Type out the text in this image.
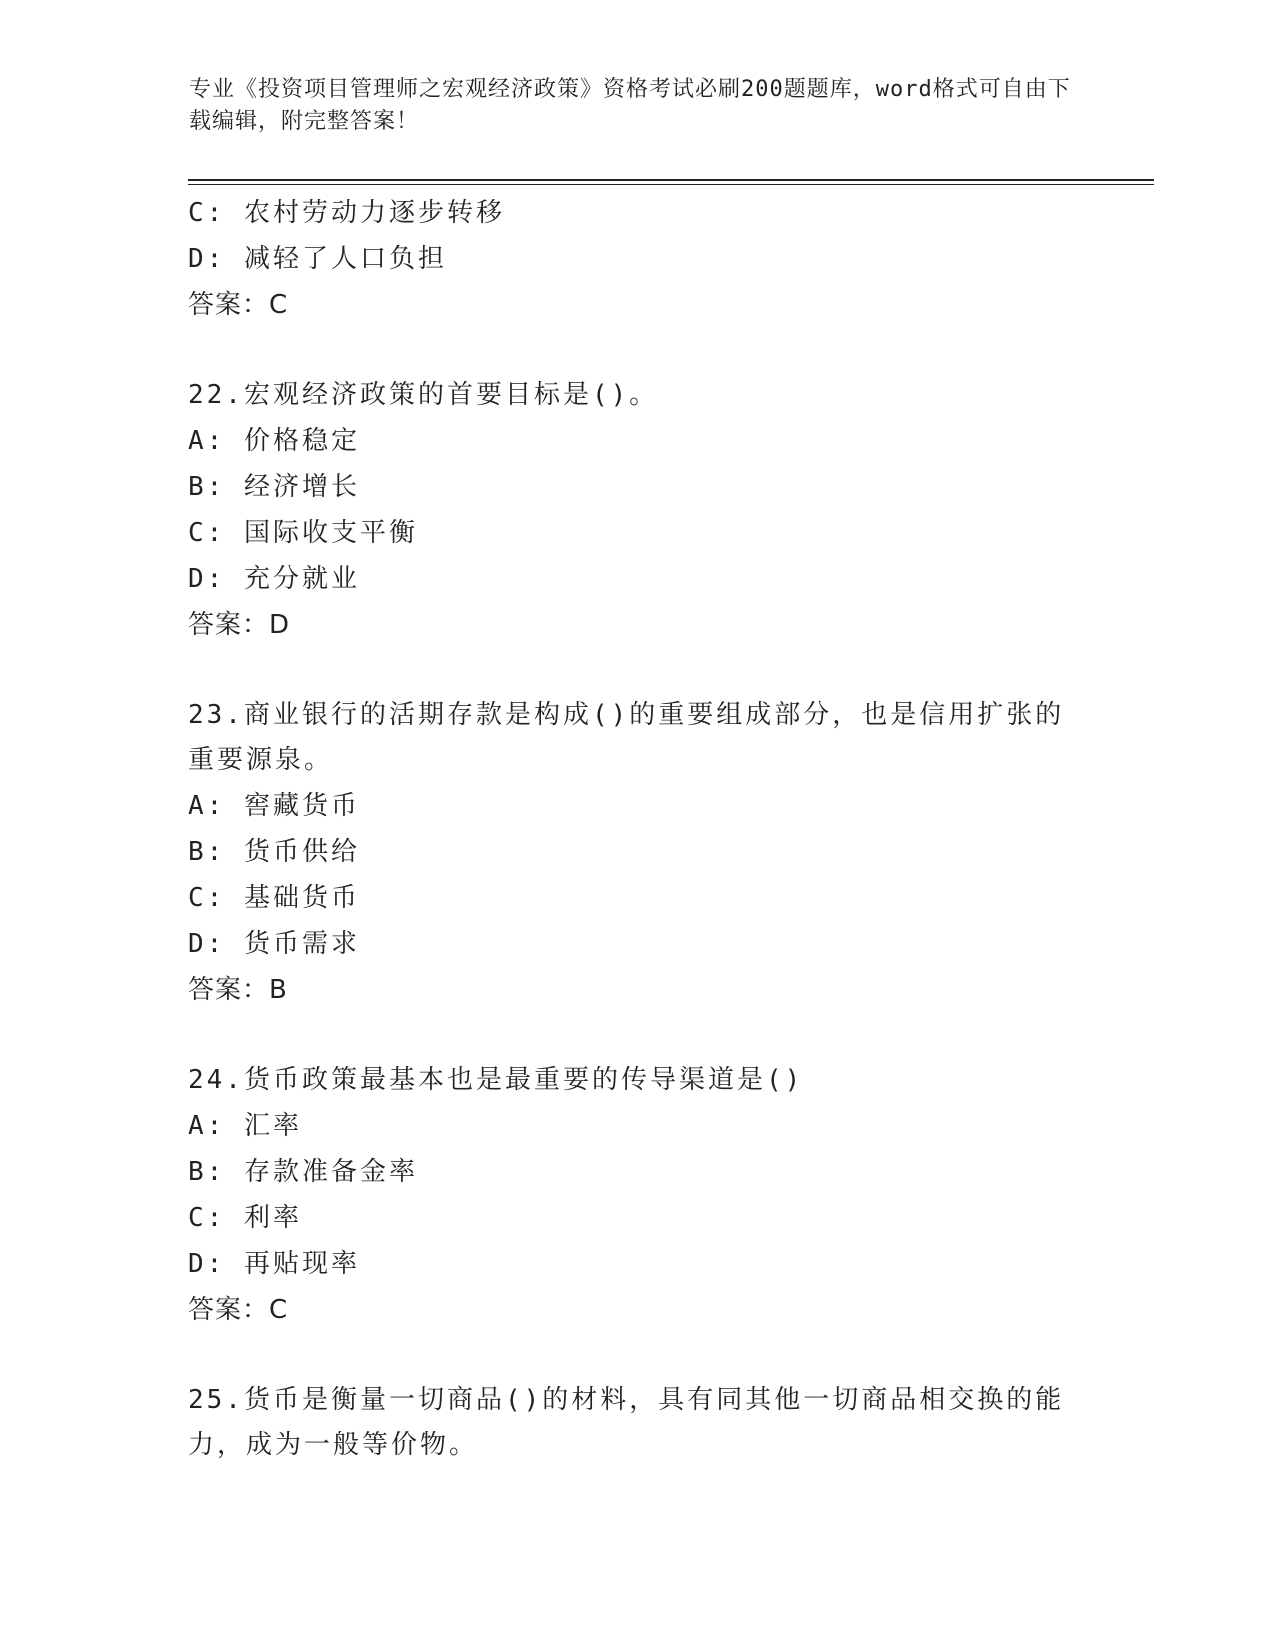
专业《投资项目管理师之宏观经济政策》资格考试必刷200题题库，word格式可自由下载编辑，附完整答案！
C: 农村劳动力逐步转移
D: 减轻了人口负担
答案：C
22.宏观经济政策的首要目标是()。
A: 价格稳定
B: 经济增长
C: 国际收支平衡
D: 充分就业
答案：D
23.商业银行的活期存款是构成()的重要组成部分，也是信用扩张的重要源泉。
A: 窖藏货币
B: 货币供给
C: 基础货币
D: 货币需求
答案：B
24.货币政策最基本也是最重要的传导渠道是()
A: 汇率
B: 存款准备金率
C: 利率
D: 再贴现率
答案：C
25.货币是衡量一切商品()的材料，具有同其他一切商品相交换的能力，成为一般等价物。
